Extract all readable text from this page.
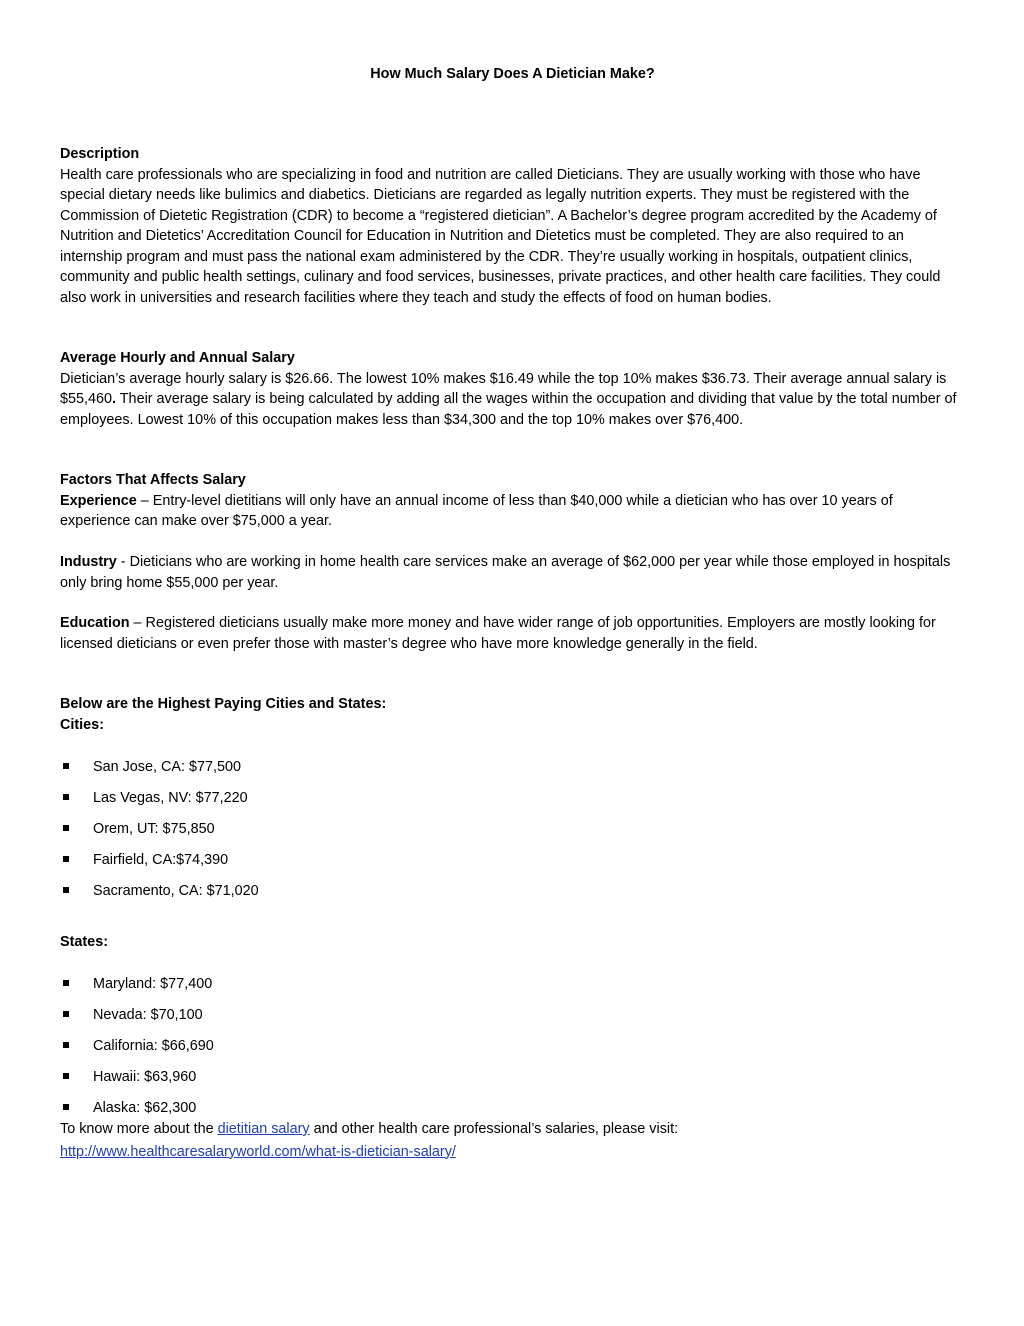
How Much Salary Does A Dietician Make?
Description

Health care professionals who are specializing in food and nutrition are called Dieticians. They are usually working with those who have special dietary needs like bulimics and diabetics. Dieticians are regarded as legally nutrition experts. They must be registered with the Commission of Dietetic Registration (CDR) to become a “registered dietician”. A Bachelor’s degree program accredited by the Academy of Nutrition and Dietetics’ Accreditation Council for Education in Nutrition and Dietetics must be completed. They are also required to an internship program and must pass the national exam administered by the CDR. They’re usually working in hospitals, outpatient clinics, community and public health settings, culinary and food services, businesses, private practices, and other health care facilities. They could also work in universities and research facilities where they teach and study the effects of food on human bodies.

Average Hourly and Annual Salary

Dietician’s average hourly salary is $26.66. The lowest 10% makes $16.49 while the top 10% makes $36.73. Their average annual salary is $55,460. Their average salary is being calculated by adding all the wages within the occupation and dividing that value by the total number of employees. Lowest 10% of this occupation makes less than $34,300 and the top 10% makes over $76,400.

Factors That Affects Salary

Experience – Entry-level dietitians will only have an annual income of less than $40,000 while a dietician who has over 10 years of experience can make over $75,000 a year.

Industry - Dieticians who are working in home health care services make an average of $62,000 per year while those employed in hospitals only bring home $55,000 per year.

Education – Registered dieticians usually make more money and have wider range of job opportunities. Employers are mostly looking for licensed dieticians or even prefer those with master’s degree who have more knowledge generally in the field.

Below are the Highest Paying Cities and States:
Cities:
San Jose, CA: $77,500
Las Vegas, NV: $77,220
Orem, UT: $75,850
Fairfield, CA:$74,390
Sacramento, CA: $71,020
States:
Maryland: $77,400
Nevada: $70,100
California: $66,690
Hawaii: $63,960
Alaska: $62,300

To know more about the dietitian salary and other health care professional’s salaries, please visit:

http://www.healthcaresalaryworld.com/what-is-dietician-salary/
